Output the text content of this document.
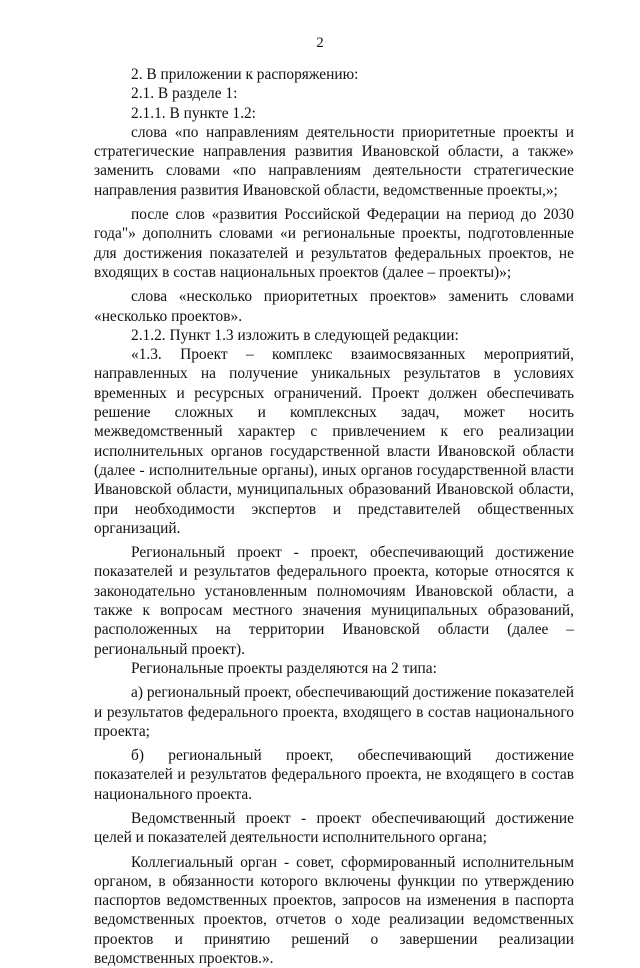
2

2. В приложении к распоряжению:

2.1. В разделе 1:

2.1.1. В пункте 1.2:

слова «по направлениям деятельности приоритетные проекты и стратегические направления развития Ивановской области, а также» заменить словами «по направлениям деятельности стратегические направления развития Ивановской области, ведомственные проекты,»;

после слов «развития Российской Федерации на период до 2030 года"» дополнить словами «и региональные проекты, подготовленные для достижения показателей и результатов федеральных проектов, не входящих в состав национальных проектов (далее – проекты)»;

слова «несколько приоритетных проектов» заменить словами «несколько проектов».

2.1.2. Пункт 1.3 изложить в следующей редакции:

«1.3. Проект – комплекс взаимосвязанных мероприятий, направленных на получение уникальных результатов в условиях временных и ресурсных ограничений. Проект должен обеспечивать решение сложных и комплексных задач, может носить межведомственный характер с привлечением к его реализации исполнительных органов государственной власти Ивановской области (далее - исполнительные органы), иных органов государственной власти Ивановской области, муниципальных образований Ивановской области, при необходимости экспертов и представителей общественных организаций.

Региональный проект - проект, обеспечивающий достижение показателей и результатов федерального проекта, которые относятся к законодательно установленным полномочиям Ивановской области, а также к вопросам местного значения муниципальных образований, расположенных на территории Ивановской области (далее – региональный проект).

Региональные проекты разделяются на 2 типа:

а) региональный проект, обеспечивающий достижение показателей и результатов федерального проекта, входящего в состав национального проекта;

б) региональный проект, обеспечивающий достижение показателей и результатов федерального проекта, не входящего в состав национального проекта.

Ведомственный проект - проект обеспечивающий достижение целей и показателей деятельности исполнительного органа;

Коллегиальный орган - совет, сформированный исполнительным органом, в обязанности которого включены функции по утверждению паспортов ведомственных проектов, запросов на изменения в паспорта ведомственных проектов, отчетов о ходе реализации ведомственных проектов и принятию решений о завершении реализации ведомственных проектов.».
